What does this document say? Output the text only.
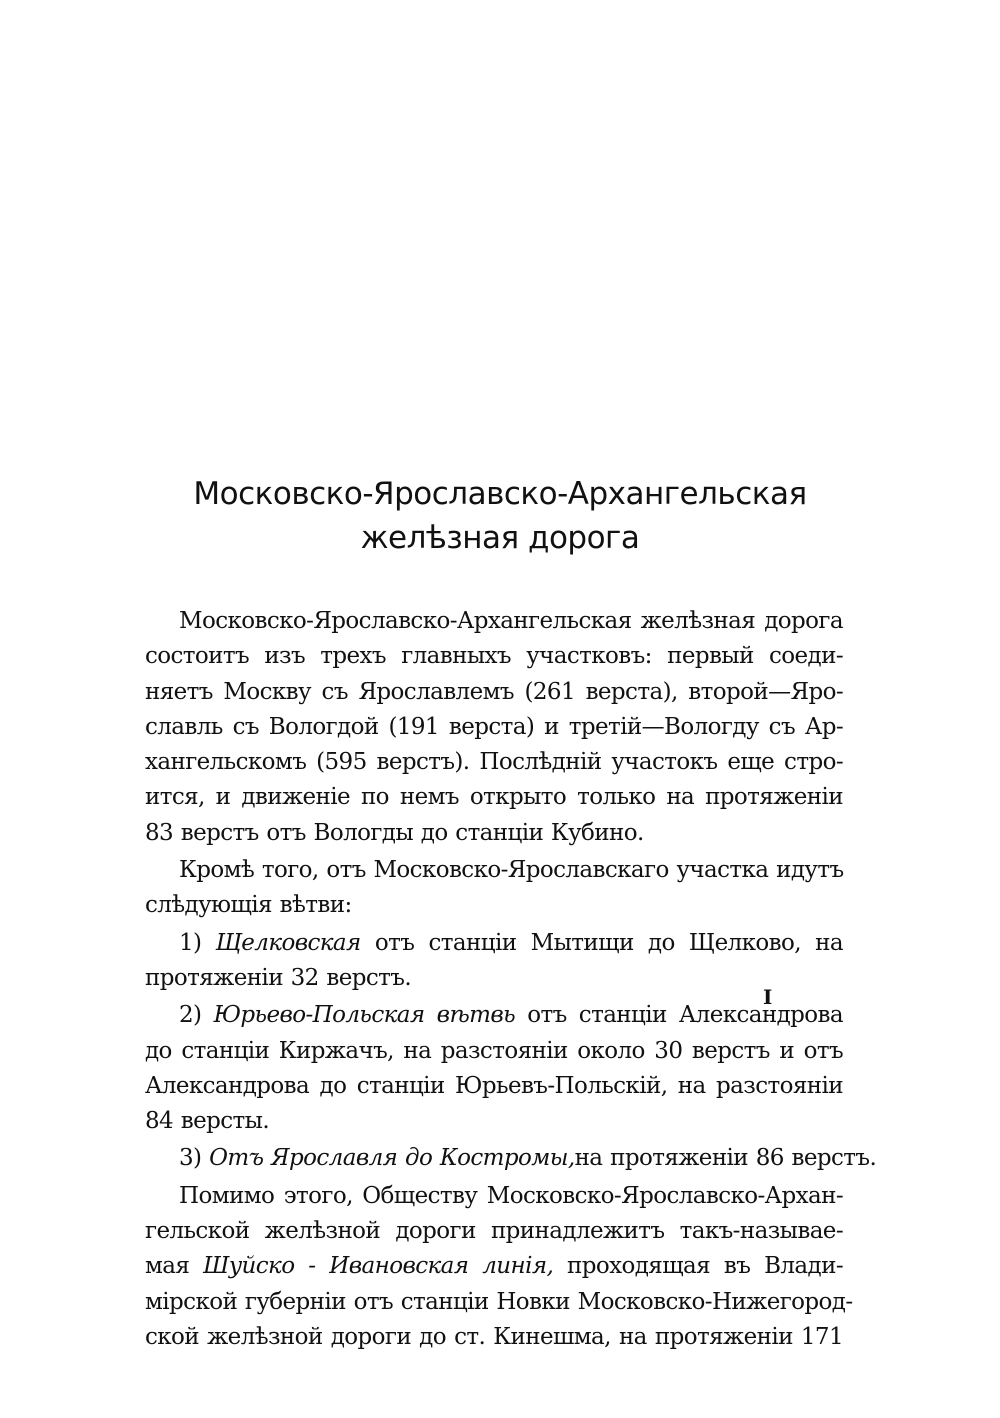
Московско-Ярославско-Архангельская
желѣзная дорога
Московско-Ярославско-Архангельская желѣзная дорога
состоитъ изъ трехъ главныхъ участковъ: первый соеди-
няетъ Москву съ Ярославлемъ (261 верста), второй—Яро-
славль съ Вологдой (191 верста) и третій—Вологду съ Ар-
хангельскомъ (595 верстъ). Послѣдній участокъ еще стро-
ится, и движеніе по немъ открыто только на протяженіи
83 верстъ отъ Вологды до станціи Кубино.
Кромѣ того, отъ Московско-Ярославскаго участка идутъ
слѣдующія вѣтви:
1) Щелковская отъ станціи Мытищи до Щелково, на
протяженіи 32 верстъ.
2) Юрьево-Польская вѣтвь отъ станціи Александрова
до станціи Киржачъ, на разстояніи около 30 верстъ и отъ
Александрова до станціи Юрьевъ-Польскій, на разстояніи
84 версты.
3) Отъ Ярославля до Костромы,на протяженіи 86 верстъ.
Помимо этого, Обществу Московско-Ярославско-Архан-
гельской желѣзной дороги принадлежитъ такъ-называе-
мая Шуйско - Ивановская линія, проходящая въ Влади-
мірской губерніи отъ станціи Новки Московско-Нижегород-
ской желѣзной дороги до ст. Кинешма, на протяженіи 171
I
